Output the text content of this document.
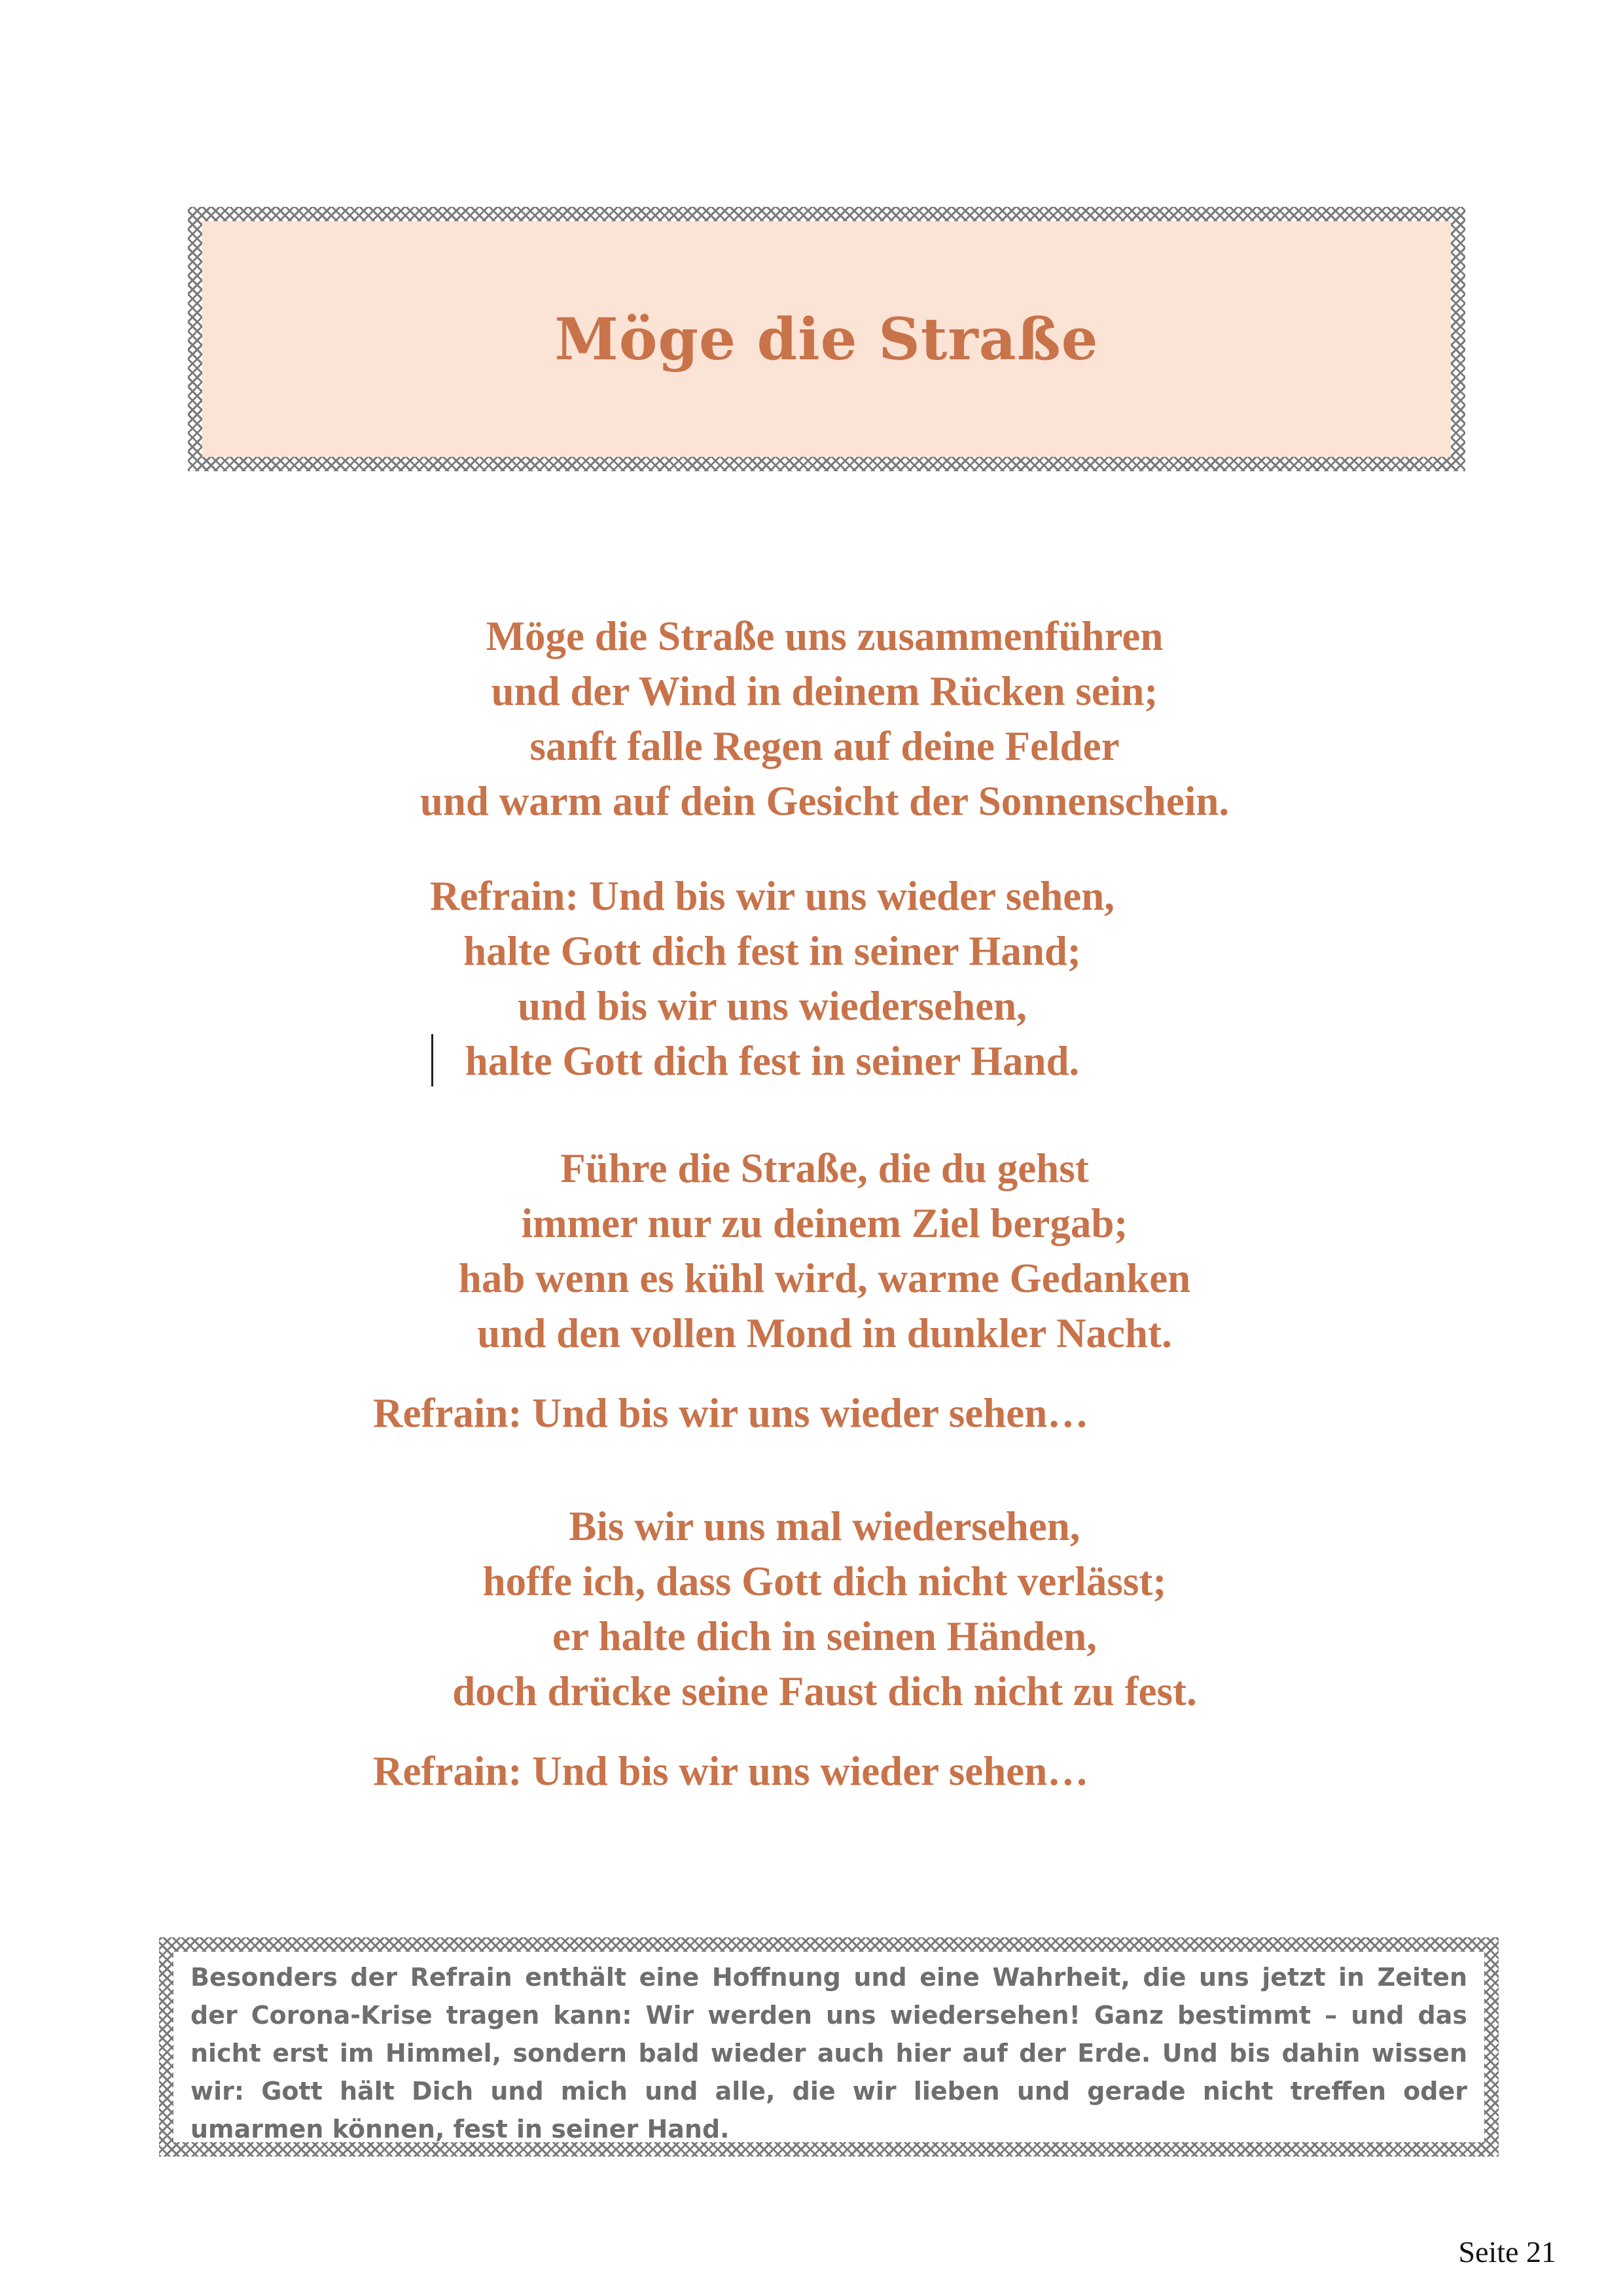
Möge die Straße
Möge die Straße uns zusammenführen
und der Wind in deinem Rücken sein;
sanft falle Regen auf deine Felder
und warm auf dein Gesicht der Sonnenschein.
Refrain: Und bis wir uns wieder sehen,
halte Gott dich fest in seiner Hand;
und bis wir uns wiedersehen,
halte Gott dich fest in seiner Hand.
Führe die Straße, die du gehst
immer nur zu deinem Ziel bergab;
hab wenn es kühl wird, warme Gedanken
und den vollen Mond in dunkler Nacht.
Refrain: Und bis wir uns wieder sehen…
Bis wir uns mal wiedersehen,
hoffe ich, dass Gott dich nicht verlässt;
er halte dich in seinen Händen,
doch drücke seine Faust dich nicht zu fest.
Refrain: Und bis wir uns wieder sehen…
Besonders der Refrain enthält eine Hoffnung und eine Wahrheit, die uns jetzt in Zeiten der Corona-Krise tragen kann: Wir werden uns wiedersehen! Ganz bestimmt – und das nicht erst im Himmel, sondern bald wieder auch hier auf der Erde. Und bis dahin wissen wir: Gott hält Dich und mich und alle, die wir lieben und gerade nicht treffen oder umarmen können, fest in seiner Hand.
Seite 21
